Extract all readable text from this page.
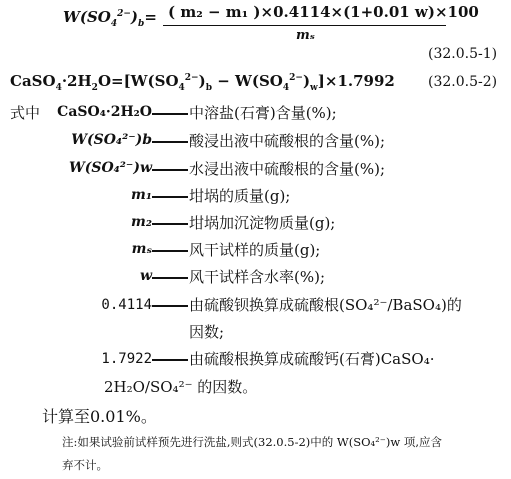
$W(SO_4^{2-})_b=$ ( m₂ − m₁ )×0.4114×(1+0.01 w)×100
mₛ
(32.0.5-1)
$CaSO_4\cdot 2H_2O=[W(SO_4^{2-})_b - W(SO_4^{2-})_w]\times 1.7992$ (32.0.5-2)
式中	CaSO₄·2H₂O 中溶盐(石膏)含量(%);
W(SO₄²⁻)b 酸浸出液中硫酸根的含量(%);
W(SO₄²⁻)w 水浸出液中硫酸根的含量(%);
m₁ 坩埚的质量(g);
m₂ 坩埚加沉淀物质量(g);
mₛ 风干试样的质量(g);
w 风干试样含水率(%);
0.4114 由硫酸钡换算成硫酸根(SO₄²⁻/BaSO₄)的
因数;
1.7922 由硫酸根换算成硫酸钙(石膏)CaSO₄·
2H₂O/SO₄²⁻ 的因数。
计算至0.01%。
注:如果试验前试样预先进行洗盐,则式(32.0.5-2)中的 W(SO₄²⁻)w 项,应含
弃不计。
